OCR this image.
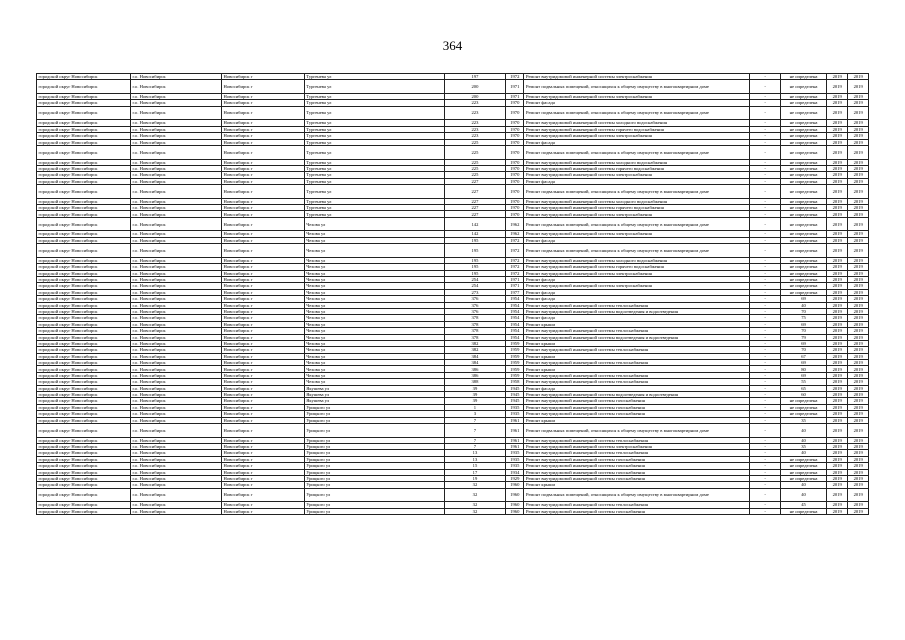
364
городской округ Новосибирск	г.о. Новосибирск	Новосибирск г	Тургенева ул	197	1972	Ремонт внутридомовой инженерной системы электроснабжения	-	не определена	2019	2019
городской округ Новосибирск	г.о. Новосибирск	Новосибирск г	Тургенева ул	200	1971	Ремонт подвальных помещений, относящихся к общему имуществу в многоквартирном доме	-	не определена	2019	2019
городской округ Новосибирск	г.о. Новосибирск	Новосибирск г	Тургенева ул	200	1971	Ремонт внутридомовой инженерной системы электроснабжения	-	не определена	2019	2019
городской округ Новосибирск	г.о. Новосибирск	Новосибирск г	Тургенева ул	223	1970	Ремонт фасада	-	не определена	2019	2019
городской округ Новосибирск	г.о. Новосибирск	Новосибирск г	Тургенева ул	223	1970	Ремонт подвальных помещений, относящихся к общему имуществу в многоквартирном доме	-	не определена	2019	2019
городской округ Новосибирск	г.о. Новосибирск	Новосибирск г	Тургенева ул	223	1970	Ремонт внутридомовой инженерной системы холодного водоснабжения	-	не определена	2019	2019
городской округ Новосибирск	г.о. Новосибирск	Новосибирск г	Тургенева ул	223	1970	Ремонт внутридомовой инженерной системы горячего водоснабжения	-	не определена	2019	2019
городской округ Новосибирск	г.о. Новосибирск	Новосибирск г	Тургенева ул	223	1970	Ремонт внутридомовой инженерной системы электроснабжения	-	не определена	2019	2019
городской округ Новосибирск	г.о. Новосибирск	Новосибирск г	Тургенева ул	225	1970	Ремонт фасада	-	не определена	2019	2019
городской округ Новосибирск	г.о. Новосибирск	Новосибирск г	Тургенева ул	225	1970	Ремонт подвальных помещений, относящихся к общему имуществу в многоквартирном доме	-	не определена	2019	2019
городской округ Новосибирск	г.о. Новосибирск	Новосибирск г	Тургенева ул	225	1970	Ремонт внутридомовой инженерной системы холодного водоснабжения	-	не определена	2019	2019
городской округ Новосибирск	г.о. Новосибирск	Новосибирск г	Тургенева ул	225	1970	Ремонт внутридомовой инженерной системы горячего водоснабжения	-	не определена	2019	2019
городской округ Новосибирск	г.о. Новосибирск	Новосибирск г	Тургенева ул	225	1970	Ремонт внутридомовой инженерной системы электроснабжения	-	не определена	2019	2019
городской округ Новосибирск	г.о. Новосибирск	Новосибирск г	Тургенева ул	227	1970	Ремонт фасада	-	не определена	2019	2019
городской округ Новосибирск	г.о. Новосибирск	Новосибирск г	Тургенева ул	227	1970	Ремонт подвальных помещений, относящихся к общему имуществу в многоквартирном доме	-	не определена	2019	2019
городской округ Новосибирск	г.о. Новосибирск	Новосибирск г	Тургенева ул	227	1970	Ремонт внутридомовой инженерной системы холодного водоснабжения	-	не определена	2019	2019
городской округ Новосибирск	г.о. Новосибирск	Новосибирск г	Тургенева ул	227	1970	Ремонт внутридомовой инженерной системы горячего водоснабжения	-	не определена	2019	2019
городской округ Новосибирск	г.о. Новосибирск	Новосибирск г	Тургенева ул	227	1970	Ремонт внутридомовой инженерной системы электроснабжения	-	не определена	2019	2019
городской округ Новосибирск	г.о. Новосибирск	Новосибирск г	Чехова ул	142	1962	Ремонт подвальных помещений, относящихся к общему имуществу в многоквартирном доме	-	не определена	2019	2019
городской округ Новосибирск	г.о. Новосибирск	Новосибирск г	Чехова ул	142	1962	Ремонт внутридомовой инженерной системы электроснабжения	-	не определена	2019	2019
городской округ Новосибирск	г.о. Новосибирск	Новосибирск г	Чехова ул	195	1972	Ремонт фасада	-	не определена	2019	2019
городской округ Новосибирск	г.о. Новосибирск	Новосибирск г	Чехова ул	195	1972	Ремонт подвальных помещений, относящихся к общему имуществу в многоквартирном доме	-	не определена	2019	2019
городской округ Новосибирск	г.о. Новосибирск	Новосибирск г	Чехова ул	195	1972	Ремонт внутридомовой инженерной системы холодного водоснабжения	-	не определена	2019	2019
городской округ Новосибирск	г.о. Новосибирск	Новосибирск г	Чехова ул	195	1972	Ремонт внутридомовой инженерной системы горячего водоснабжения	-	не определена	2019	2019
городской округ Новосибирск	г.о. Новосибирск	Новосибирск г	Чехова ул	195	1972	Ремонт внутридомовой инженерной системы электроснабжения	-	не определена	2019	2019
городской округ Новосибирск	г.о. Новосибирск	Новосибирск г	Чехова ул	254	1971	Ремонт фасада	-	не определена	2019	2019
городской округ Новосибирск	г.о. Новосибирск	Новосибирск г	Чехова ул	254	1971	Ремонт внутридомовой инженерной системы электроснабжения	-	не определена	2019	2019
городской округ Новосибирск	г.о. Новосибирск	Новосибирск г	Чехова ул	273	1977	Ремонт фасада	-	не определена	2019	2019
городской округ Новосибирск	г.о. Новосибирск	Новосибирск г	Чехова ул	376	1954	Ремонт фасада	-	69	2019	2019
городской округ Новосибирск	г.о. Новосибирск	Новосибирск г	Чехова ул	376	1954	Ремонт внутридомовой инженерной системы теплоснабжения	-	40	2019	2019
городской округ Новосибирск	г.о. Новосибирск	Новосибирск г	Чехова ул	376	1954	Ремонт внутридомовой инженерной системы водоотведения и водоотведения	-	70	2019	2019
городской округ Новосибирск	г.о. Новосибирск	Новосибирск г	Чехова ул	378	1954	Ремонт фасада	-	75	2019	2019
городской округ Новосибирск	г.о. Новосибирск	Новосибирск г	Чехова ул	378	1954	Ремонт крыши	-	69	2019	2019
городской округ Новосибирск	г.о. Новосибирск	Новосибирск г	Чехова ул	378	1954	Ремонт внутридомовой инженерной системы теплоснабжения	-	70	2019	2019
городской округ Новосибирск	г.о. Новосибирск	Новосибирск г	Чехова ул	378	1954	Ремонт внутридомовой инженерной системы водоотведения и водоотведения	-	79	2019	2019
городской округ Новосибирск	г.о. Новосибирск	Новосибирск г	Чехова ул	382	1959	Ремонт крыши	-	69	2019	2019
городской округ Новосибирск	г.о. Новосибирск	Новосибирск г	Чехова ул	382	1959	Ремонт внутридомовой инженерной системы теплоснабжения	-	70	2019	2019
городской округ Новосибирск	г.о. Новосибирск	Новосибирск г	Чехова ул	384	1959	Ремонт крыши	-	67	2019	2019
городской округ Новосибирск	г.о. Новосибирск	Новосибирск г	Чехова ул	384	1959	Ремонт внутридомовой инженерной системы теплоснабжения	-	69	2019	2019
городской округ Новосибирск	г.о. Новосибирск	Новосибирск г	Чехова ул	386	1959	Ремонт крыши	-	80	2019	2019
городской округ Новосибирск	г.о. Новосибирск	Новосибирск г	Чехова ул	386	1959	Ремонт внутридомовой инженерной системы теплоснабжения	-	69	2019	2019
городской округ Новосибирск	г.о. Новосибирск	Новосибирск г	Чехова ул	388	1958	Ремонт внутридомовой инженерной системы теплоснабжения	-	55	2019	2019
городской округ Новосибирск	г.о. Новосибирск	Новосибирск г	Якушева ул	39	1945	Ремонт фасада	-	65	2019	2019
городской округ Новосибирск	г.о. Новосибирск	Новосибирск г	Якушева ул	39	1945	Ремонт внутридомовой инженерной системы водоотведения и водоотведения	-	60	2019	2019
городской округ Новосибирск	г.о. Новосибирск	Новосибирск г	Якушева ул	39	1945	Ремонт внутридомовой инженерной системы газоснабжения	-	не определена	2019	2019
городской округ Новосибирск	г.о. Новосибирск	Новосибирск г	Урицкого ул	1	1935	Ремонт внутридомовой инженерной системы газоснабжения	-	не определена	2019	2019
городской округ Новосибирск	г.о. Новосибирск	Новосибирск г	Урицкого ул	3	1935	Ремонт внутридомовой инженерной системы газоснабжения	-	не определена	2019	2019
городской округ Новосибирск	г.о. Новосибирск	Новосибирск г	Урицкого ул	7	1961	Ремонт крыши	-	35	2019	2019
городской округ Новосибирск	г.о. Новосибирск	Новосибирск г	Урицкого ул	7	1961	Ремонт подвальных помещений, относящихся к общему имуществу в многоквартирном доме	-	40	2019	2019
городской округ Новосибирск	г.о. Новосибирск	Новосибирск г	Урицкого ул	7	1961	Ремонт внутридомовой инженерной системы теплоснабжения	-	40	2019	2019
городской округ Новосибирск	г.о. Новосибирск	Новосибирск г	Урицкого ул	7	1961	Ремонт внутридомовой инженерной системы электроснабжения	-	35	2019	2019
городской округ Новосибирск	г.о. Новосибирск	Новосибирск г	Урицкого ул	13	1935	Ремонт внутридомовой инженерной системы теплоснабжения	-	40	2019	2019
городской округ Новосибирск	г.о. Новосибирск	Новосибирск г	Урицкого ул	13	1935	Ремонт внутридомовой инженерной системы газоснабжения	-	не определена	2019	2019
городской округ Новосибирск	г.о. Новосибирск	Новосибирск г	Урицкого ул	15	1935	Ремонт внутридомовой инженерной системы газоснабжения	-	не определена	2019	2019
городской округ Новосибирск	г.о. Новосибирск	Новосибирск г	Урицкого ул	17	1934	Ремонт внутридомовой инженерной системы газоснабжения	-	не определена	2019	2019
городской округ Новосибирск	г.о. Новосибирск	Новосибирск г	Урицкого ул	19	1929	Ремонт внутридомовой инженерной системы газоснабжения	-	не определена	2019	2019
городской округ Новосибирск	г.о. Новосибирск	Новосибирск г	Урицкого ул	32	1960	Ремонт крыши	-	40	2019	2019
городской округ Новосибирск	г.о. Новосибирск	Новосибирск г	Урицкого ул	32	1960	Ремонт подвальных помещений, относящихся к общему имуществу в многоквартирном доме	-	40	2019	2019
городской округ Новосибирск	г.о. Новосибирск	Новосибирск г	Урицкого ул	32	1960	Ремонт внутридомовой инженерной системы теплоснабжения	-	45	2019	2019
городской округ Новосибирск	г.о. Новосибирск	Новосибирск г	Урицкого ул	32	1960	Ремонт внутридомовой инженерной системы газоснабжения	-	не определена	2019	2019
